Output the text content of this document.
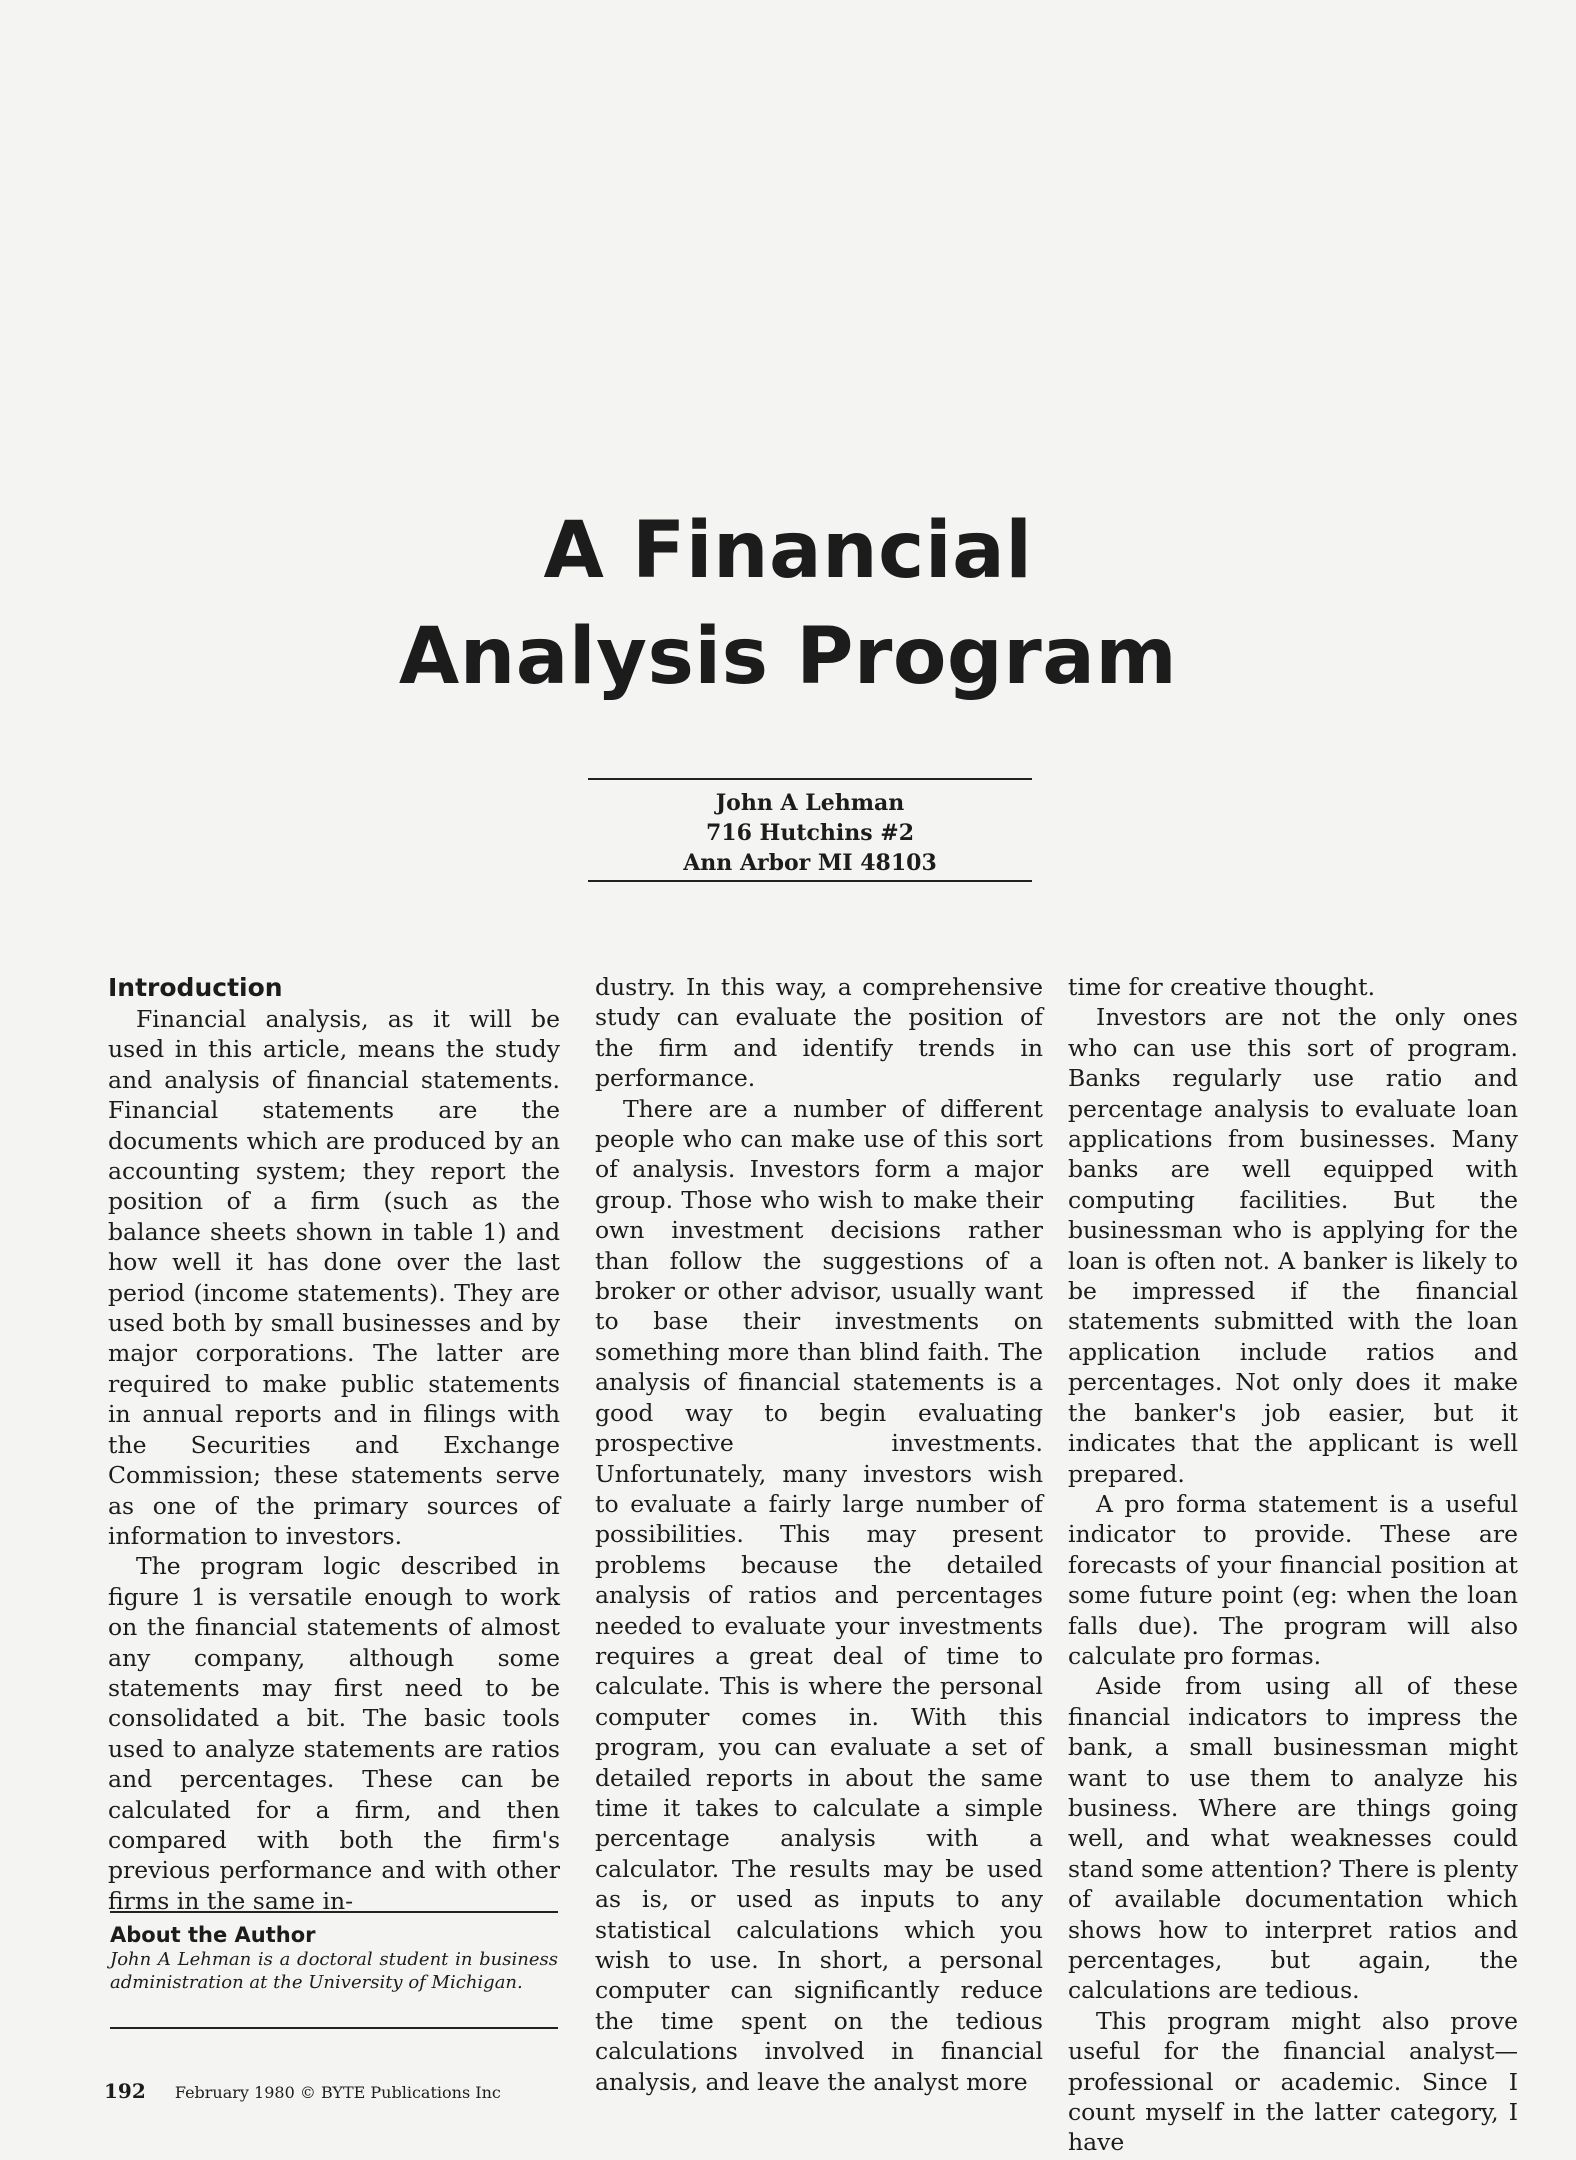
A Financial
Analysis Program
John A Lehman
716 Hutchins #2
Ann Arbor MI 48103
Introduction

Financial analysis, as it will be used in this article, means the study and analysis of financial statements. Financial statements are the documents which are produced by an accounting system; they report the position of a firm (such as the balance sheets shown in table 1) and how well it has done over the last period (income statements). They are used both by small businesses and by major corporations. The latter are required to make public statements in annual reports and in filings with the Securities and Exchange Commission; these statements serve as one of the primary sources of information to investors.

The program logic described in figure 1 is versatile enough to work on the financial statements of almost any company, although some statements may first need to be consolidated a bit. The basic tools used to analyze statements are ratios and percentages. These can be calculated for a firm, and then compared with both the firm's previous performance and with other firms in the same in-

About the Author
John A Lehman is a doctoral student in business administration at the University of Michigan.

dustry. In this way, a comprehensive study can evaluate the position of the firm and identify trends in performance.

There are a number of different people who can make use of this sort of analysis. Investors form a major group. Those who wish to make their own investment decisions rather than follow the suggestions of a broker or other advisor, usually want to base their investments on something more than blind faith. The analysis of financial statements is a good way to begin evaluating prospective investments. Unfortunately, many investors wish to evaluate a fairly large number of possibilities. This may present problems because the detailed analysis of ratios and percentages needed to evaluate your investments requires a great deal of time to calculate. This is where the personal computer comes in. With this program, you can evaluate a set of detailed reports in about the same time it takes to calculate a simple percentage analysis with a calculator. The results may be used as is, or used as inputs to any statistical calculations which you wish to use. In short, a personal computer can significantly reduce the time spent on the tedious calculations involved in financial analysis, and leave the analyst more

time for creative thought.

Investors are not the only ones who can use this sort of program. Banks regularly use ratio and percentage analysis to evaluate loan applications from businesses. Many banks are well equipped with computing facilities. But the businessman who is applying for the loan is often not. A banker is likely to be impressed if the financial statements submitted with the loan application include ratios and percentages. Not only does it make the banker's job easier, but it indicates that the applicant is well prepared.

A pro forma statement is a useful indicator to provide. These are forecasts of your financial position at some future point (eg: when the loan falls due). The program will also calculate pro formas.

Aside from using all of these financial indicators to impress the bank, a small businessman might want to use them to analyze his business. Where are things going well, and what weaknesses could stand some attention? There is plenty of available documentation which shows how to interpret ratios and percentages, but again, the calculations are tedious.

This program might also prove useful for the financial analyst— professional or academic. Since I count myself in the latter category, I have

192 February 1980 © BYTE Publications Inc
